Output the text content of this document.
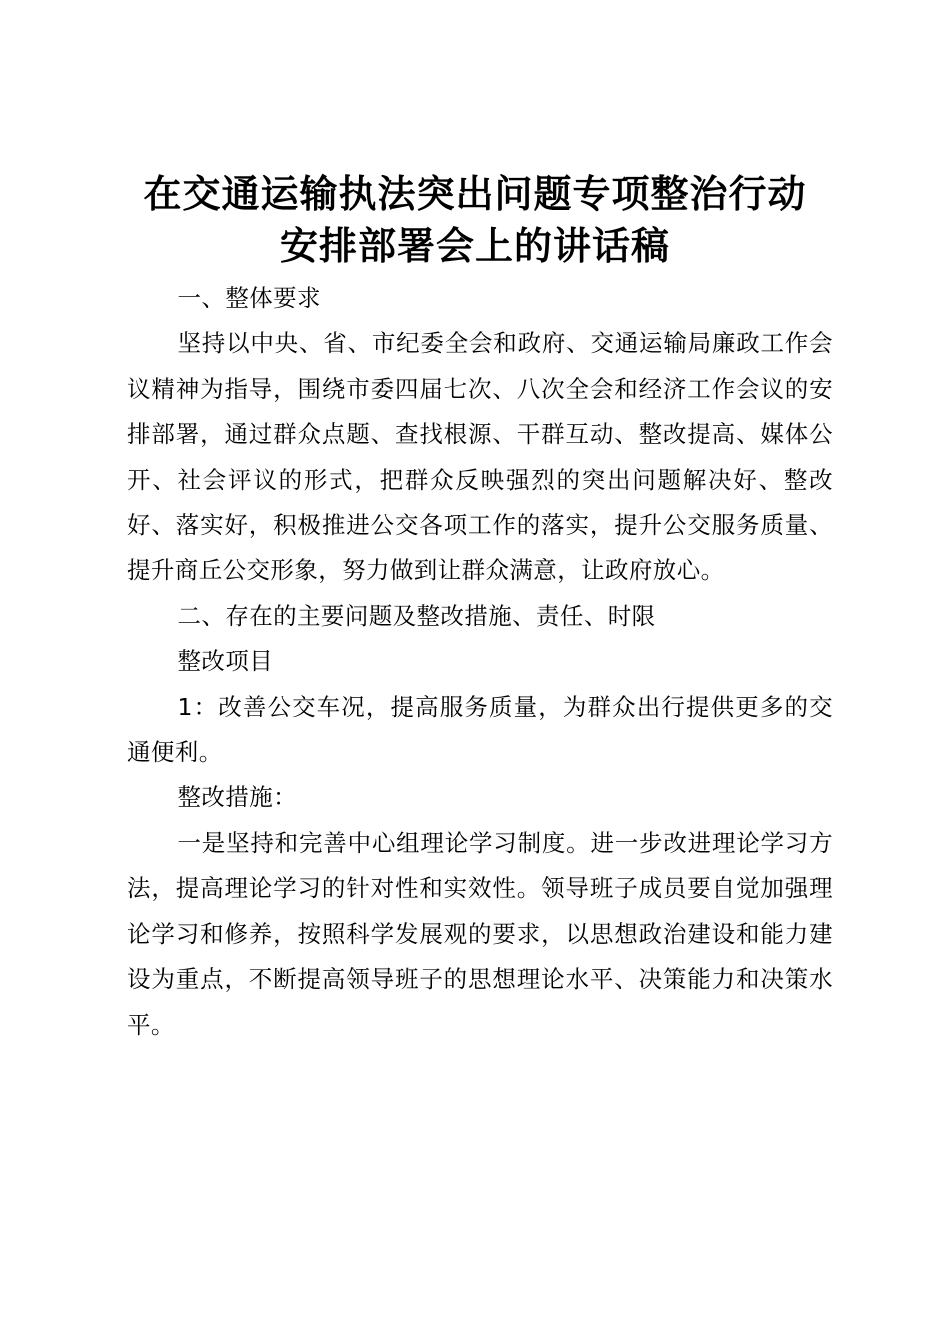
在交通运输执法突出问题专项整治行动
安排部署会上的讲话稿

一、整体要求

坚持以中央、省、市纪委全会和政府、交通运输局廉政工作会议精神为指导，围绕市委四届七次、八次全会和经济工作会议的安排部署，通过群众点题、查找根源、干群互动、整改提高、媒体公开、社会评议的形式，把群众反映强烈的突出问题解决好、整改好、落实好，积极推进公交各项工作的落实，提升公交服务质量、提升商丘公交形象，努力做到让群众满意，让政府放心。

二、存在的主要问题及整改措施、责任、时限

整改项目

1：改善公交车况，提高服务质量，为群众出行提供更多的交通便利。

整改措施：

一是坚持和完善中心组理论学习制度。进一步改进理论学习方法，提高理论学习的针对性和实效性。领导班子成员要自觉加强理论学习和修养，按照科学发展观的要求，以思想政治建设和能力建设为重点，不断提高领导班子的思想理论水平、决策能力和决策水平。
